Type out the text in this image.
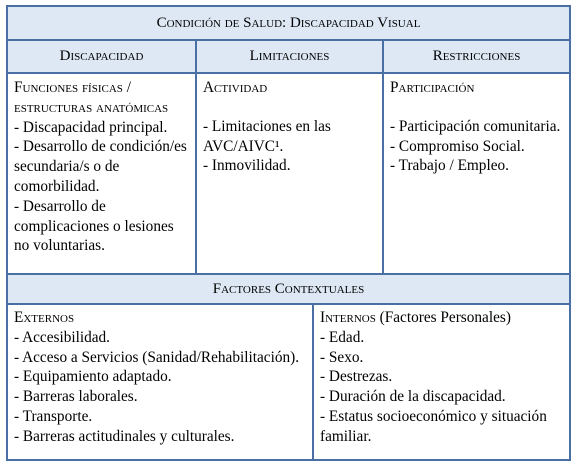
Condición de Salud: Discapacidad Visual
Discapacidad	Limitaciones	Restricciones
Funciones físicas / estructuras anatómicas
- Discapacidad principal.
- Desarrollo de condición/es secundaria/s o de comorbilidad.
- Desarrollo de complicaciones o lesiones no voluntarias.
Actividad
- Limitaciones en las AVC/AIVC¹.
- Inmovilidad.
Participación
- Participación comunitaria.
- Compromiso Social.
- Trabajo / Empleo.
Factores Contextuales
Externos
- Accesibilidad.
- Acceso a Servicios (Sanidad/Rehabilitación).
- Equipamiento adaptado.
- Barreras laborales.
- Transporte.
- Barreras actitudinales y culturales.
Internos (Factores Personales)
- Edad.
- Sexo.
- Destrezas.
- Duración de la discapacidad.
- Estatus socioeconómico y situación familiar.
